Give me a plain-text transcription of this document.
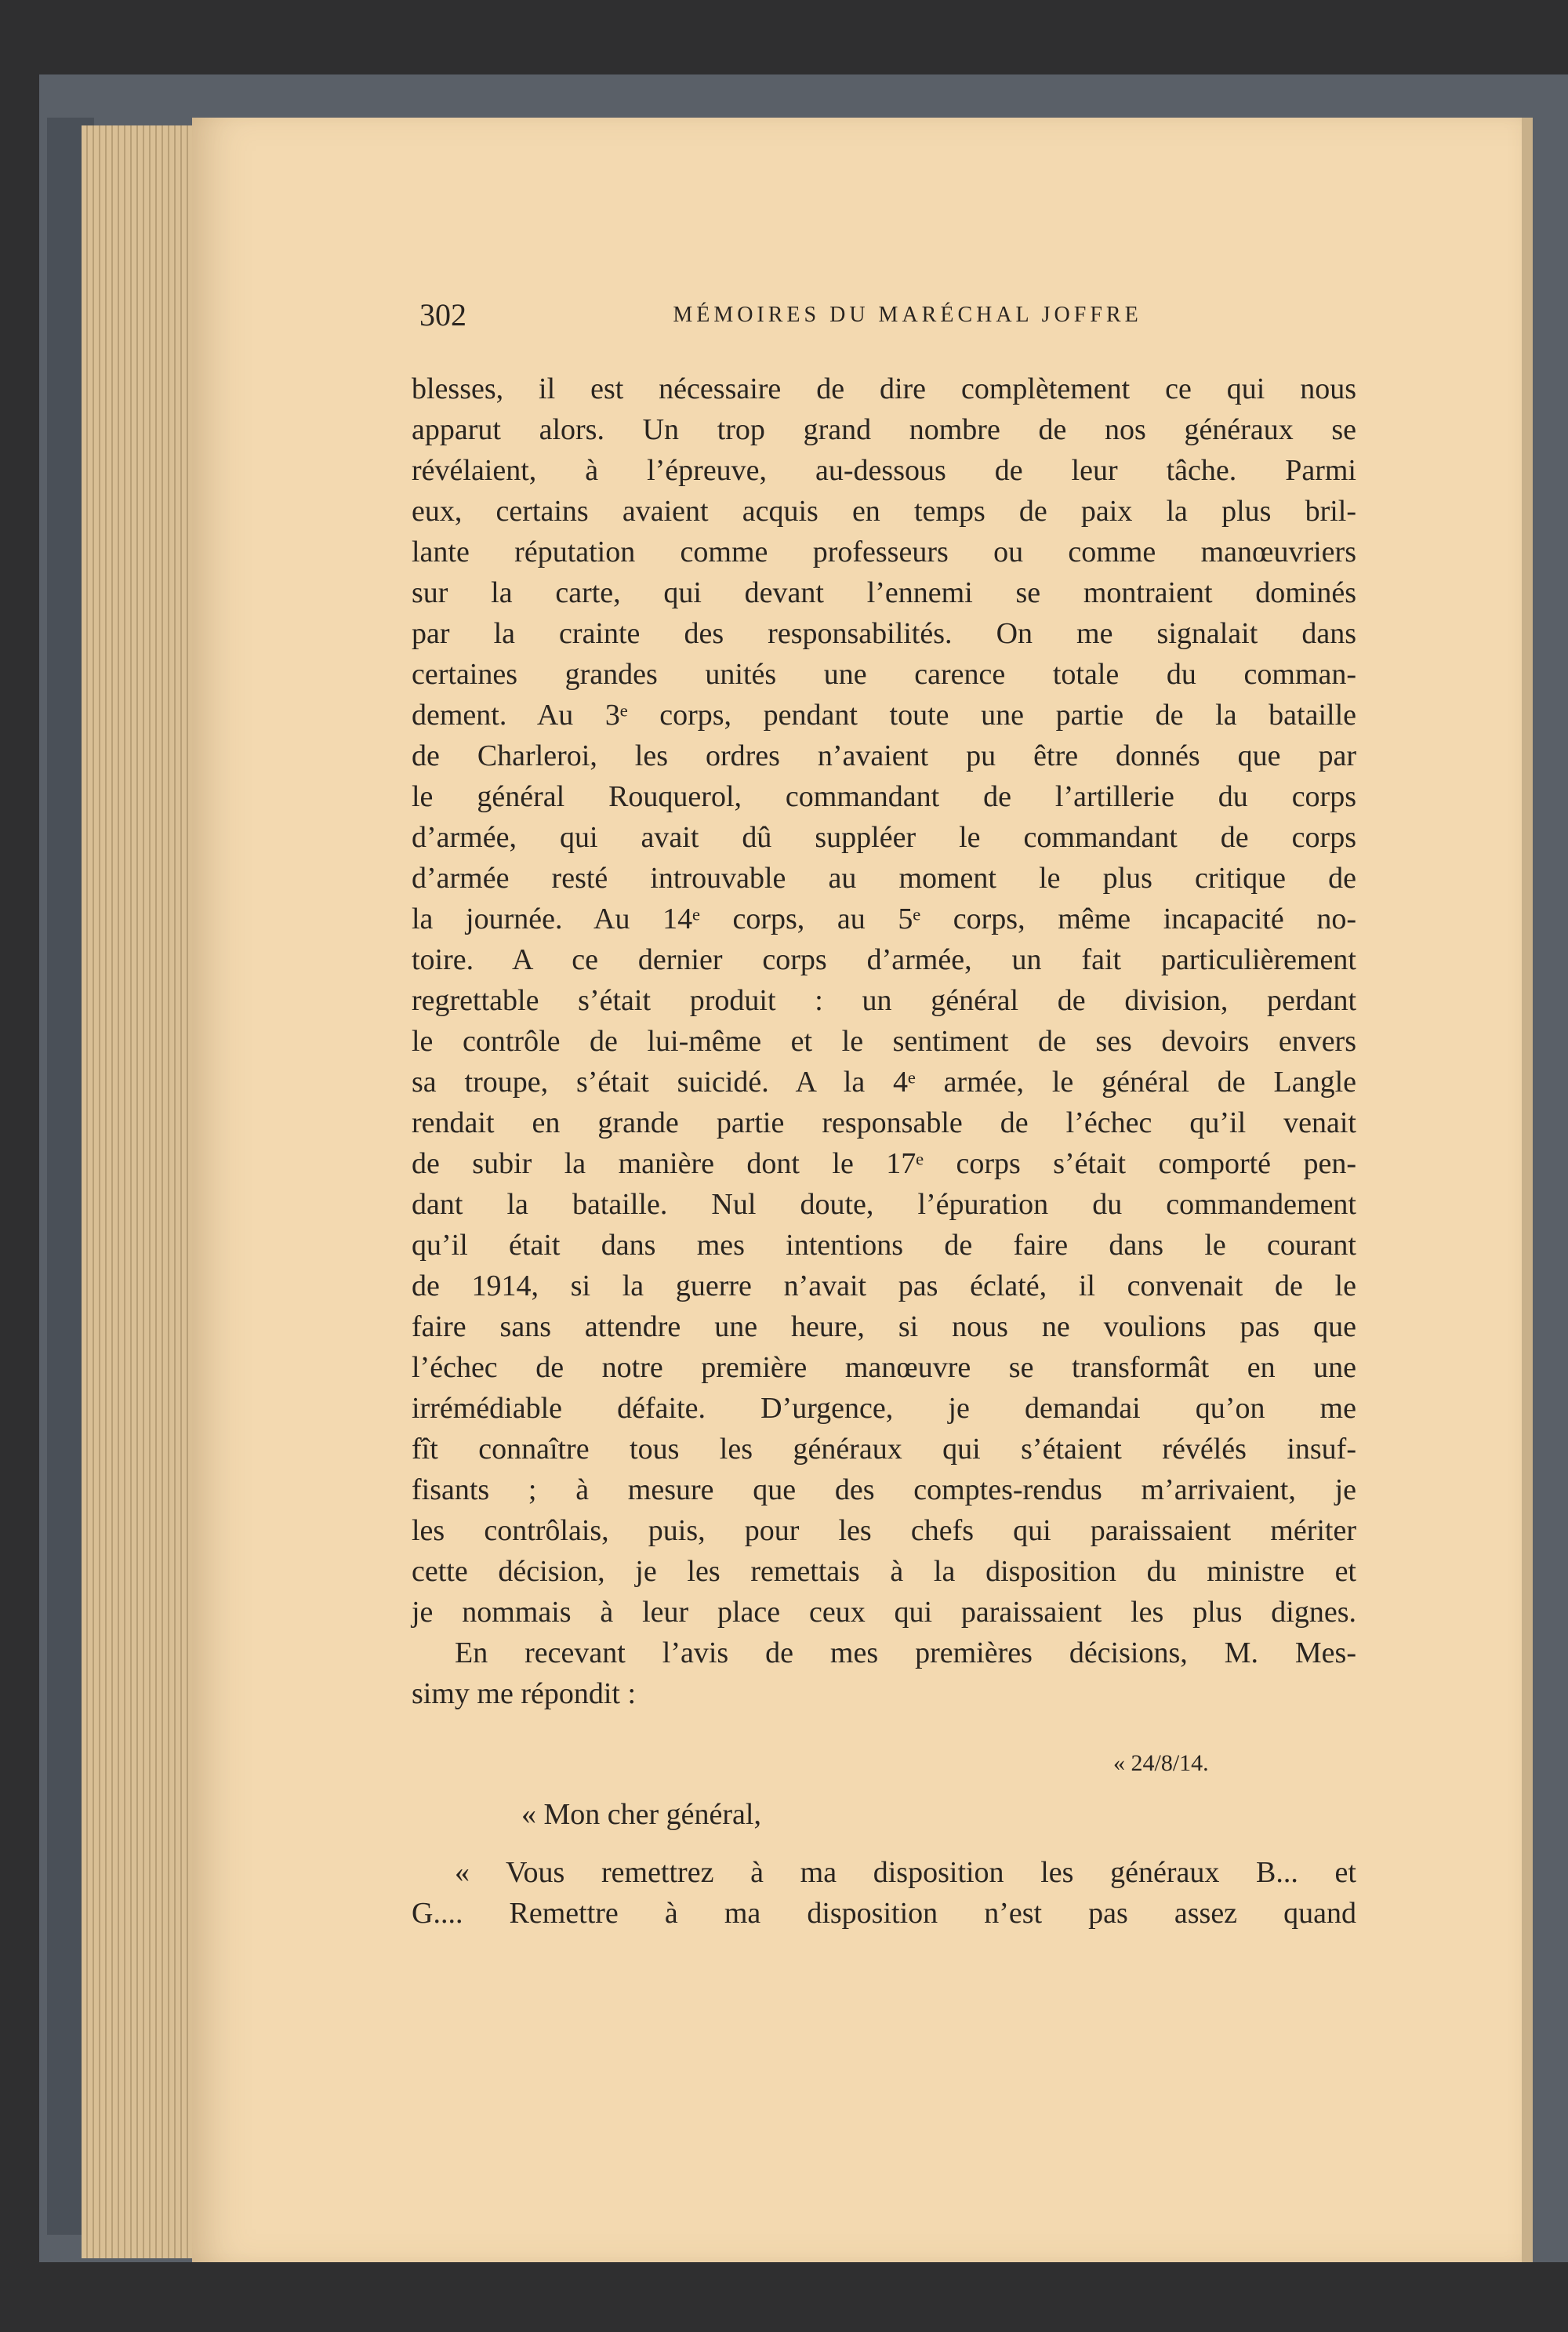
302	MÉMOIRES DU MARÉCHAL JOFFRE
blesses, il est nécessaire de dire complètement ce qui nous
apparut alors. Un trop grand nombre de nos généraux se
révélaient, à l’épreuve, au-dessous de leur tâche. Parmi
eux, certains avaient acquis en temps de paix la plus bril-
lante réputation comme professeurs ou comme manœuvriers
sur la carte, qui devant l’ennemi se montraient dominés
par la crainte des responsabilités. On me signalait dans
certaines grandes unités une carence totale du comman-
dement. Au 3ᵉ corps, pendant toute une partie de la bataille
de Charleroi, les ordres n’avaient pu être donnés que par
le général Rouquerol, commandant de l’artillerie du corps
d’armée, qui avait dû suppléer le commandant de corps
d’armée resté introuvable au moment le plus critique de
la journée. Au 14ᵉ corps, au 5ᵉ corps, même incapacité no-
toire. A ce dernier corps d’armée, un fait particulièrement
regrettable s’était produit : un général de division, perdant
le contrôle de lui-même et le sentiment de ses devoirs envers
sa troupe, s’était suicidé. A la 4ᵉ armée, le général de Langle
rendait en grande partie responsable de l’échec qu’il venait
de subir la manière dont le 17ᵉ corps s’était comporté pen-
dant la bataille. Nul doute, l’épuration du commandement
qu’il était dans mes intentions de faire dans le courant
de 1914, si la guerre n’avait pas éclaté, il convenait de le
faire sans attendre une heure, si nous ne voulions pas que
l’échec de notre première manœuvre se transformât en une
irrémédiable défaite. D’urgence, je demandai qu’on me
fît connaître tous les généraux qui s’étaient révélés insuf-
fisants ; à mesure que des comptes-rendus m’arrivaient, je
les contrôlais, puis, pour les chefs qui paraissaient mériter
cette décision, je les remettais à la disposition du ministre et
je nommais à leur place ceux qui paraissaient les plus dignes.
En recevant l’avis de mes premières décisions, M. Mes-
simy me répondit :
« 24/8/14.
« Mon cher général,
« Vous remettrez à ma disposition les généraux B... et
G.... Remettre à ma disposition n’est pas assez quand
